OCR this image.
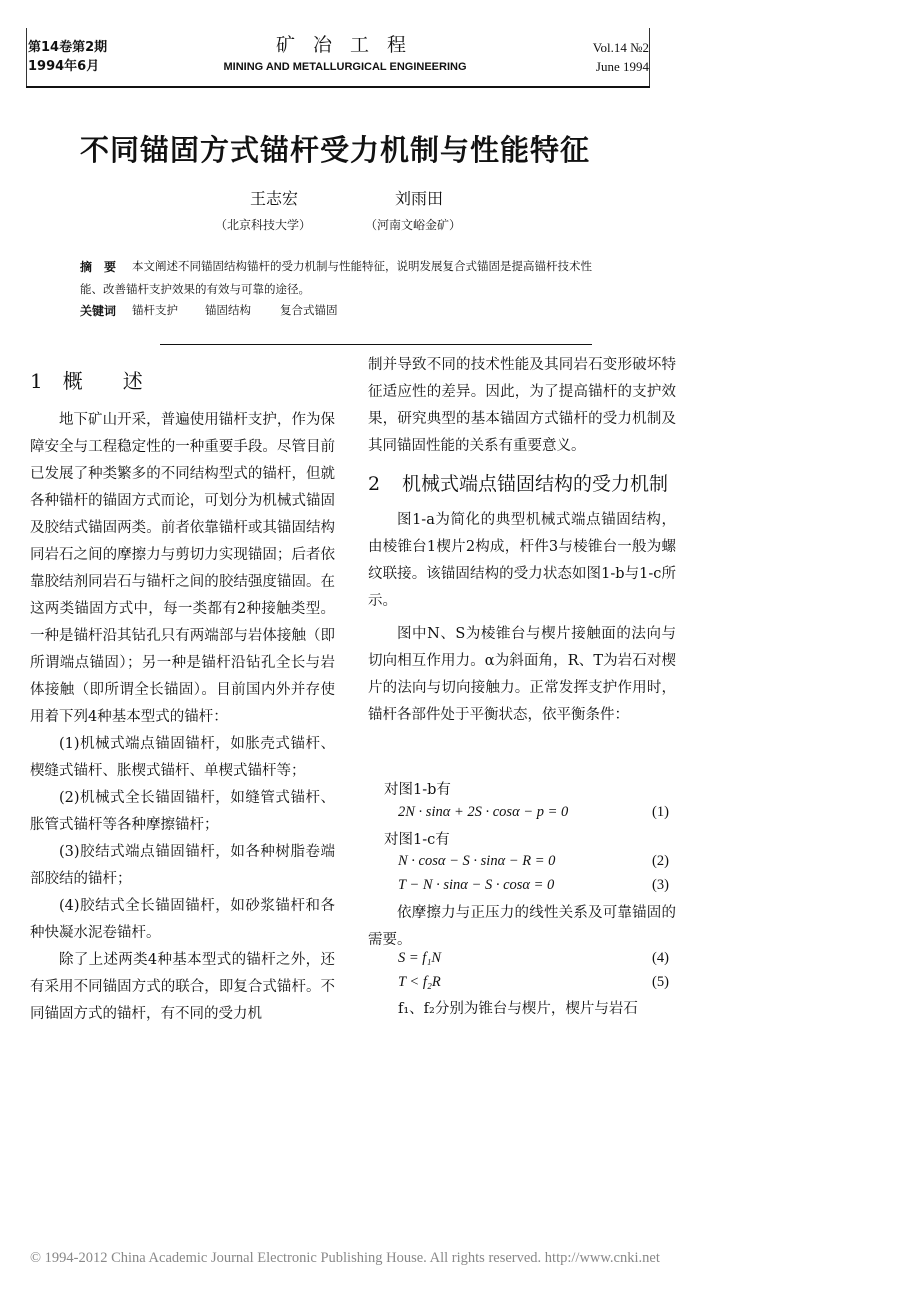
第14卷第2期
1994年6月
矿冶工程
MINING AND METALLURGICAL ENGINEERING
Vol.14 №2
June 1994
不同锚固方式锚杆受力机制与性能特征
王志宏	刘雨田
（北京科技大学）	（河南文峪金矿）
摘　要 本文阐述不同锚固结构锚杆的受力机制与性能特征，说明发展复合式锚固是提高锚杆技术性
能、改善锚杆支护效果的有效与可靠的途径。
关键词 锚杆支护 锚固结构	复合式锚固
1　概　　述

地下矿山开采，普遍使用锚杆支护，作为保障安全与工程稳定性的一种重要手段。尽管目前已发展了种类繁多的不同结构型式的锚杆，但就各种锚杆的锚固方式而论，可划分为机械式锚固及胶结式锚固两类。前者依靠锚杆或其锚固结构同岩石之间的摩擦力与剪切力实现锚固；后者依靠胶结剂同岩石与锚杆之间的胶结强度锚固。在这两类锚固方式中，每一类都有2种接触类型。一种是锚杆沿其钻孔只有两端部与岩体接触（即所谓端点锚固）；另一种是锚杆沿钻孔全长与岩体接触（即所谓全长锚固）。目前国内外并存使用着下列4种基本型式的锚杆：

(1)机械式端点锚固锚杆，如胀壳式锚杆、楔缝式锚杆、胀楔式锚杆、单楔式锚杆等；

(2)机械式全长锚固锚杆，如缝管式锚杆、胀管式锚杆等各种摩擦锚杆；

(3)胶结式端点锚固锚杆，如各种树脂卷端部胶结的锚杆；

(4)胶结式全长锚固锚杆，如砂浆锚杆和各种快凝水泥卷锚杆。

除了上述两类4种基本型式的锚杆之外，还有采用不同锚固方式的联合，即复合式锚杆。不同锚固方式的锚杆，有不同的受力机

制并导致不同的技术性能及其同岩石变形破坏特征适应性的差异。因此，为了提高锚杆的支护效果，研究典型的基本锚固方式锚杆的受力机制及其同锚固性能的关系有重要意义。

2	机械式端点锚固结构的受力机制

图1-a为简化的典型机械式端点锚固结构，由棱锥台1楔片2构成，杆件3与棱锥台一般为螺纹联接。该锚固结构的受力状态如图1-b与1-c所示。

图中N、S为棱锥台与楔片接触面的法向与切向相互作用力。α为斜面角，R、T为岩石对楔片的法向与切向接触力。正常发挥支护作用时，锚杆各部件处于平衡状态，依平衡条件：

对图1-b有
2N · sinα + 2S · cosα − p = 0	(1)
对图1-c有
N · cosα − S · sinα − R = 0	(2)
T − N · sinα − S · cosα = 0	(3)

依摩擦力与正压力的线性关系及可靠锚固的需要。

S = f₁N	(4)
T < f₂R	(5)
f₁、f₂分别为锥台与楔片，楔片与岩石
© 1994-2012 China Academic Journal Electronic Publishing House. All rights reserved. http://www.cnki.net
